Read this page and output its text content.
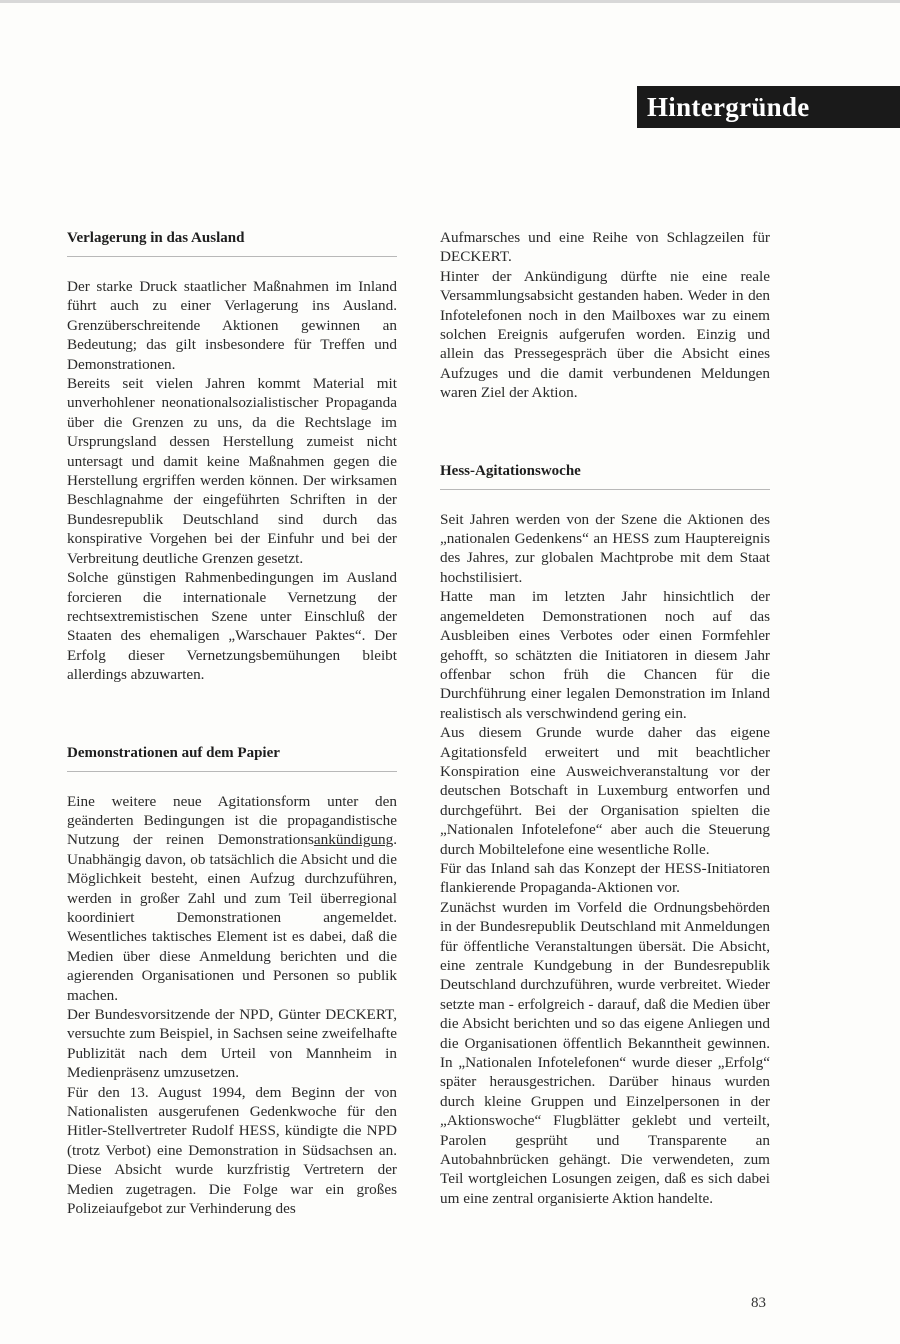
Hintergründe
Verlagerung in das Ausland

Der starke Druck staatlicher Maßnahmen im Inland führt auch zu einer Verlagerung ins Ausland. Grenzüberschreitende Aktionen gewinnen an Bedeutung; das gilt insbesondere für Treffen und Demonstrationen.

Bereits seit vielen Jahren kommt Material mit unverhohlener neonationalsozialistischer Propaganda über die Grenzen zu uns, da die Rechtslage im Ursprungsland dessen Herstellung zumeist nicht untersagt und damit keine Maßnahmen gegen die Herstellung ergriffen werden können. Der wirksamen Beschlagnahme der eingeführten Schriften in der Bundesrepublik Deutschland sind durch das konspirative Vorgehen bei der Einfuhr und bei der Verbreitung deutliche Grenzen gesetzt.

Solche günstigen Rahmenbedingungen im Ausland forcieren die internationale Vernetzung der rechtsextremistischen Szene unter Einschluß der Staaten des ehemaligen „Warschauer Paktes“. Der Erfolg dieser Vernetzungsbemühungen bleibt allerdings abzuwarten.

Demonstrationen auf dem Papier

Eine weitere neue Agitationsform unter den geänderten Bedingungen ist die propagandistische Nutzung der reinen Demonstrationsankündigung. Unabhängig davon, ob tatsächlich die Absicht und die Möglichkeit besteht, einen Aufzug durchzuführen, werden in großer Zahl und zum Teil überregional koordiniert Demonstrationen angemeldet. Wesentliches taktisches Element ist es dabei, daß die Medien über diese Anmeldung berichten und die agierenden Organisationen und Personen so publik machen.

Der Bundesvorsitzende der NPD, Günter DECKERT, versuchte zum Beispiel, in Sachsen seine zweifelhafte Publizität nach dem Urteil von Mannheim in Medienpräsenz umzusetzen.

Für den 13. August 1994, dem Beginn der von Nationalisten ausgerufenen Gedenkwoche für den Hitler-Stellvertreter Rudolf HESS, kündigte die NPD (trotz Verbot) eine Demonstration in Südsachsen an. Diese Absicht wurde kurzfristig Vertretern der Medien zugetragen. Die Folge war ein großes Polizeiaufgebot zur Verhinderung des

Aufmarsches und eine Reihe von Schlagzeilen für DECKERT.

Hinter der Ankündigung dürfte nie eine reale Versammlungsabsicht gestanden haben. Weder in den Infotelefonen noch in den Mailboxes war zu einem solchen Ereignis aufgerufen worden. Einzig und allein das Pressegespräch über die Absicht eines Aufzuges und die damit verbundenen Meldungen waren Ziel der Aktion.

Hess-Agitationswoche

Seit Jahren werden von der Szene die Aktionen des „nationalen Gedenkens“ an HESS zum Hauptereignis des Jahres, zur globalen Machtprobe mit dem Staat hochstilisiert.

Hatte man im letzten Jahr hinsichtlich der angemeldeten Demonstrationen noch auf das Ausbleiben eines Verbotes oder einen Formfehler gehofft, so schätzten die Initiatoren in diesem Jahr offenbar schon früh die Chancen für die Durchführung einer legalen Demonstration im Inland realistisch als verschwindend gering ein.

Aus diesem Grunde wurde daher das eigene Agitationsfeld erweitert und mit beachtlicher Konspiration eine Ausweichveranstaltung vor der deutschen Botschaft in Luxemburg entworfen und durchgeführt. Bei der Organisation spielten die „Nationalen Infotelefone“ aber auch die Steuerung durch Mobiltelefone eine wesentliche Rolle.

Für das Inland sah das Konzept der HESS-Initiatoren flankierende Propaganda-Aktionen vor.

Zunächst wurden im Vorfeld die Ordnungsbehörden in der Bundesrepublik Deutschland mit Anmeldungen für öffentliche Veranstaltungen übersät. Die Absicht, eine zentrale Kundgebung in der Bundesrepublik Deutschland durchzuführen, wurde verbreitet. Wieder setzte man - erfolgreich - darauf, daß die Medien über die Absicht berichten und so das eigene Anliegen und die Organisationen öffentlich Bekanntheit gewinnen. In „Nationalen Infotelefonen“ wurde dieser „Erfolg“ später herausgestrichen. Darüber hinaus wurden durch kleine Gruppen und Einzelpersonen in der „Aktionswoche“ Flugblätter geklebt und verteilt, Parolen gesprüht und Transparente an Autobahnbrücken gehängt. Die verwendeten, zum Teil wortgleichen Losungen zeigen, daß es sich dabei um eine zentral organisierte Aktion handelte.

83
